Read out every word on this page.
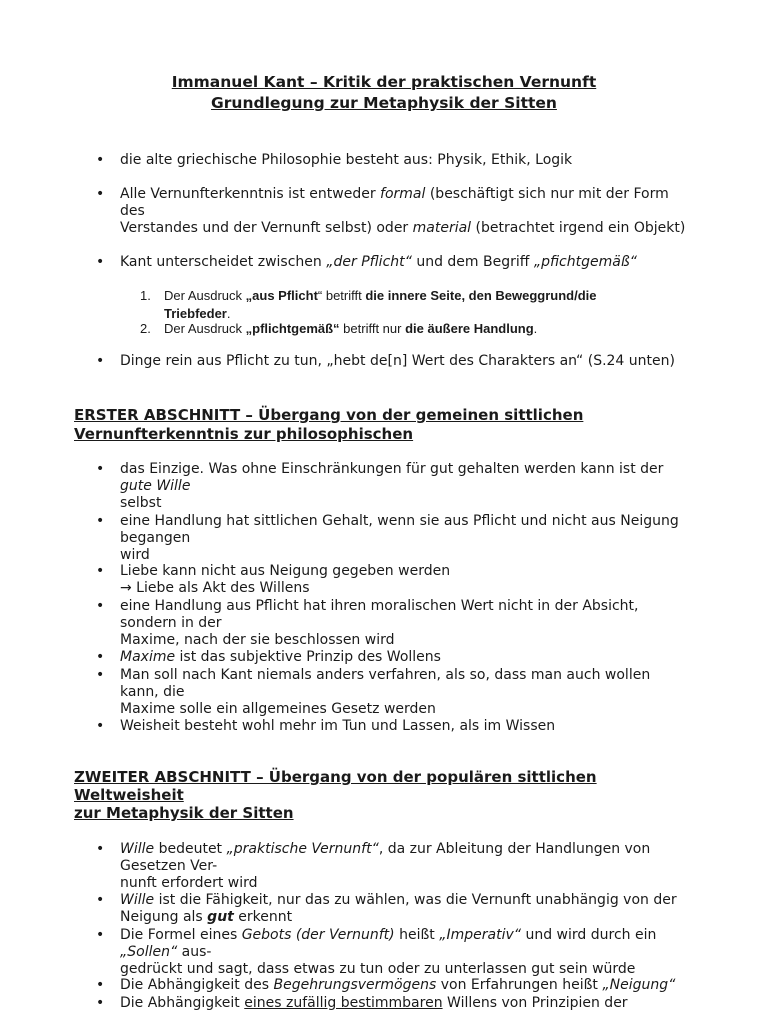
Immanuel Kant – Kritik der praktischen Vernunft
Grundlegung zur Metaphysik der Sitten
• die alte griechische Philosophie besteht aus: Physik, Ethik, Logik
• Alle Vernunfterkenntnis ist entweder formal (beschäftigt sich nur mit der Form
des
Verstandes und der Vernunft selbst) oder material (betrachtet irgend ein Objekt)
• Kant unterscheidet zwischen „der Pflicht“ und dem Begriff „pfichtgemäß“
1. Der Ausdruck „aus Pflicht“ betrifft die innere Seite, den Beweggrund/die
Triebfeder.
2. Der Ausdruck „pflichtgemäß“ betrifft nur die äußere Handlung.
• Dinge rein aus Pflicht zu tun, „hebt de[n] Wert des Charakters an“ (S.24 unten)
ERSTER ABSCHNITT – Übergang von der gemeinen sittlichen
Vernunfterkenntnis zur philosophischen
• das Einzige. Was ohne Einschränkungen für gut gehalten werden kann ist der
gute Wille
selbst
• eine Handlung hat sittlichen Gehalt, wenn sie aus Pflicht und nicht aus Neigung
begangen
wird
• Liebe kann nicht aus Neigung gegeben werden
→ Liebe als Akt des Willens
• eine Handlung aus Pflicht hat ihren moralischen Wert nicht in der Absicht,
sondern in der
Maxime, nach der sie beschlossen wird
• Maxime ist das subjektive Prinzip des Wollens
• Man soll nach Kant niemals anders verfahren, als so, dass man auch wollen
kann, die
Maxime solle ein allgemeines Gesetz werden
• Weisheit besteht wohl mehr im Tun und Lassen, als im Wissen
ZWEITER ABSCHNITT – Übergang von der populären sittlichen
Weltweisheit
zur Metaphysik der Sitten
• Wille bedeutet „praktische Vernunft“, da zur Ableitung der Handlungen von
Gesetzen Ver-
nunft erfordert wird
• Wille ist die Fähigkeit, nur das zu wählen, was die Vernunft unabhängig von der
Neigung als gut erkennt
• Die Formel eines Gebots (der Vernunft) heißt „Imperativ“ und wird durch ein
„Sollen“ aus-
gedrückt und sagt, dass etwas zu tun oder zu unterlassen gut sein würde
• Die Abhängigkeit des Begehrungsvermögens von Erfahrungen heißt „Neigung“
• Die Abhängigkeit eines zufällig bestimmbaren Willens von Prinzipien der
